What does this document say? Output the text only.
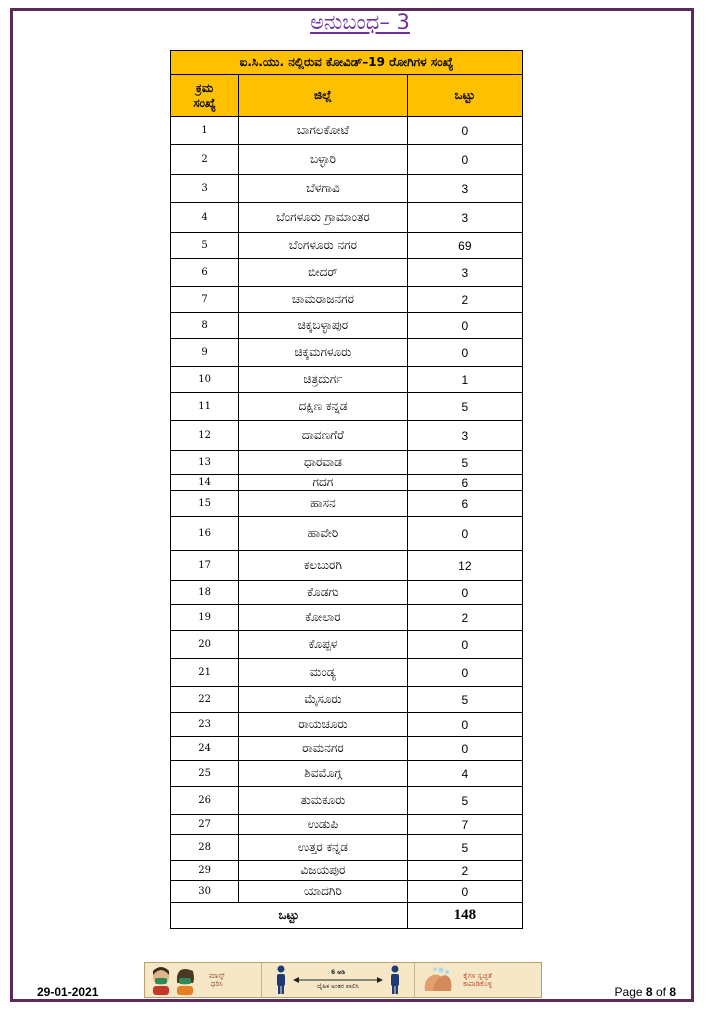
ಅನುಬಂಧ– 3
ಐ.ಸಿ.ಯು. ನಲ್ಲಿರುವ ಕೋವಿಡ್–19 ರೋಗಿಗಳ ಸಂಖ್ಯೆ		
ಕ್ರಮ
ಸಂಖ್ಯೆ	ಜಿಲ್ಲೆ	ಒಟ್ಟು
1	ಬಾಗಲಕೋಟೆ	0
2	ಬಳ್ಳಾರಿ	0
3	ಬೆಳಗಾವಿ	3
4	ಬೆಂಗಳೂರು ಗ್ರಾಮಾಂತರ	3
5	ಬೆಂಗಳೂರು ನಗರ	69
6	ಬೀದರ್	3
7	ಚಾಮರಾಜನಗರ	2
8	ಚಿಕ್ಕಬಳ್ಳಾಪುರ	0
9	ಚಿಕ್ಕಮಗಳೂರು	0
10	ಚಿತ್ರದುರ್ಗ	1
11	ದಕ್ಷಿಣ ಕನ್ನಡ	5
12	ದಾವಣಗೆರೆ	3
13	ಧಾರವಾಡ	5
14	ಗದಗ	6
15	ಹಾಸನ	6
16	ಹಾವೇರಿ	0
17	ಕಲಬುರಗಿ	12
18	ಕೊಡಗು	0
19	ಕೋಲಾರ	2
20	ಕೊಪ್ಪಳ	0
21	ಮಂಡ್ಯ	0
22	ಮೈಸೂರು	5
23	ರಾಯಚೂರು	0
24	ರಾಮನಗರ	0
25	ಶಿವಮೊಗ್ಗ	4
26	ತುಮಕೂರು	5
27	ಉಡುಪಿ	7
28	ಉತ್ತರ ಕನ್ನಡ	5
29	ವಿಜಯಪುರ	2
30	ಯಾದಗಿರಿ	0
ಒಟ್ಟು		148
29-01-2021
ಮಾಸ್ಕ್
ಧರಿಸಿ
6 ಅಡಿ
ದೈಹಿಕ ಅಂತರ ಪಾಲಿಸಿ
ಕೈಗಳ ಸ್ವಚ್ಛತೆ
ಕಾಪಾಡಿಕೊಳ್ಳಿ
Page 8 of 8
